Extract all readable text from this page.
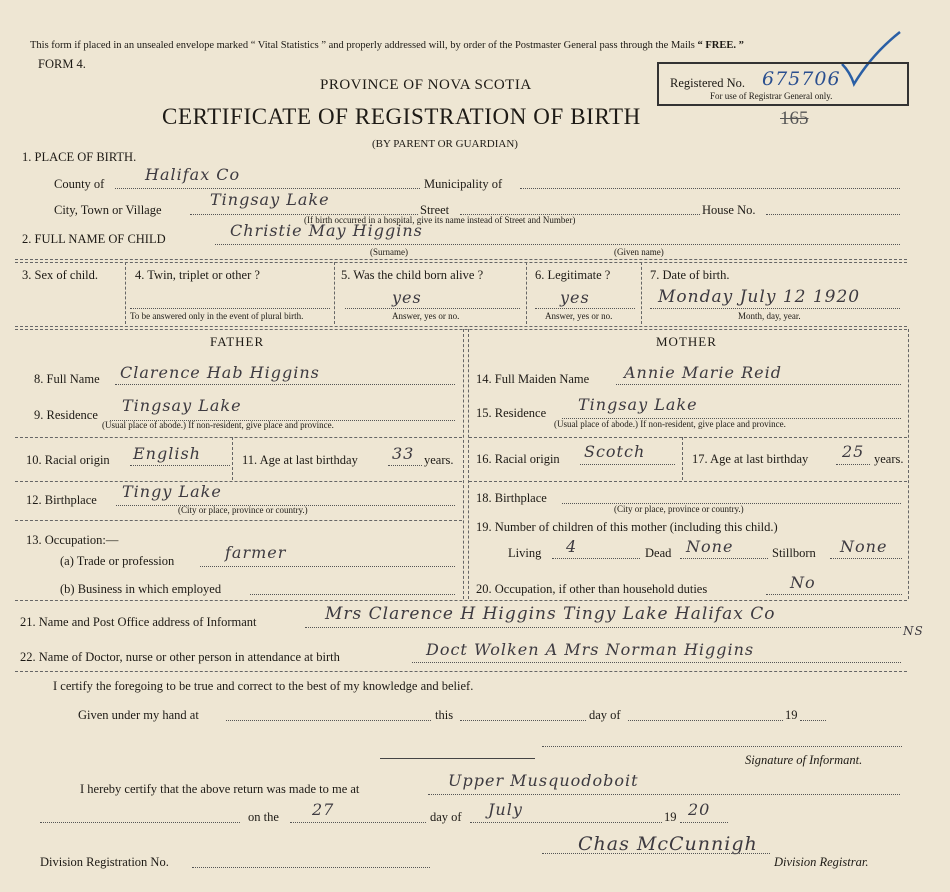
This form if placed in an unsealed envelope marked “ Vital Statistics ” and properly addressed will, by order of the Postmaster General pass through the Mails “ FREE. ”
FORM 4.
PROVINCE OF NOVA SCOTIA
CERTIFICATE OF REGISTRATION OF BIRTH	165
(BY PARENT OR GUARDIAN)
Registered No. 675706
For use of Registrar General only.
1. PLACE OF BIRTH.
County of	Halifax Co	Municipality of
City, Town or Village
Tingsay Lake
Street	House No.
(If birth occurred in a hospital, give its name instead of Street and Number)
2. FULL NAME OF CHILD	Christie May Higgins
(Surname)	(Given name)
3. Sex of child.	4. Twin, triplet or other ?
To be answered only in the event of plural birth.
5. Was the child born alive ?
yes
Answer, yes or no.
6. Legitimate ?
yes
Answer, yes or no.
7. Date of birth.
Monday July 12 1920
Month, day, year.
FATHER
8. Full Name Clarence Hab Higgins
9. Residence Tingsay Lake
(Usual place of abode.) If non-resident, give place and province.
10. Racial origin English	11. Age at last birthday 33 years.
12. Birthplace Tingy Lake
(City or place, province or country.)
13. Occupation:—
(a) Trade or profession	farmer
(b) Business in which employed
MOTHER
14. Full Maiden Name Annie Marie Reid
15. Residence Tingsay Lake
(Usual place of abode.) If non-resident, give place and province.
16. Racial origin Scotch	17. Age at last birthday 25 years.
18. Birthplace
(City or place, province or country.)
19. Number of children of this mother (including this child.)
Living 4	Dead None	Stillborn None
20. Occupation, if other than household duties	No
21. Name and Post Office address of Informant	Mrs Clarence H Higgins Tingy Lake Halifax Co
NS
22. Name of Doctor, nurse or other person in attendance at birth	Doct Wolken A Mrs Norman Higgins
I certify the foregoing to be true and correct to the best of my knowledge and belief.
Given under my hand at	this	day of	19
Signature of Informant.
I hereby certify that the above return was made to me at	Upper Musquodoboit
on the 27	day of July	19 20
Chas McCunnigh
Division Registration No.	Division Registrar.
